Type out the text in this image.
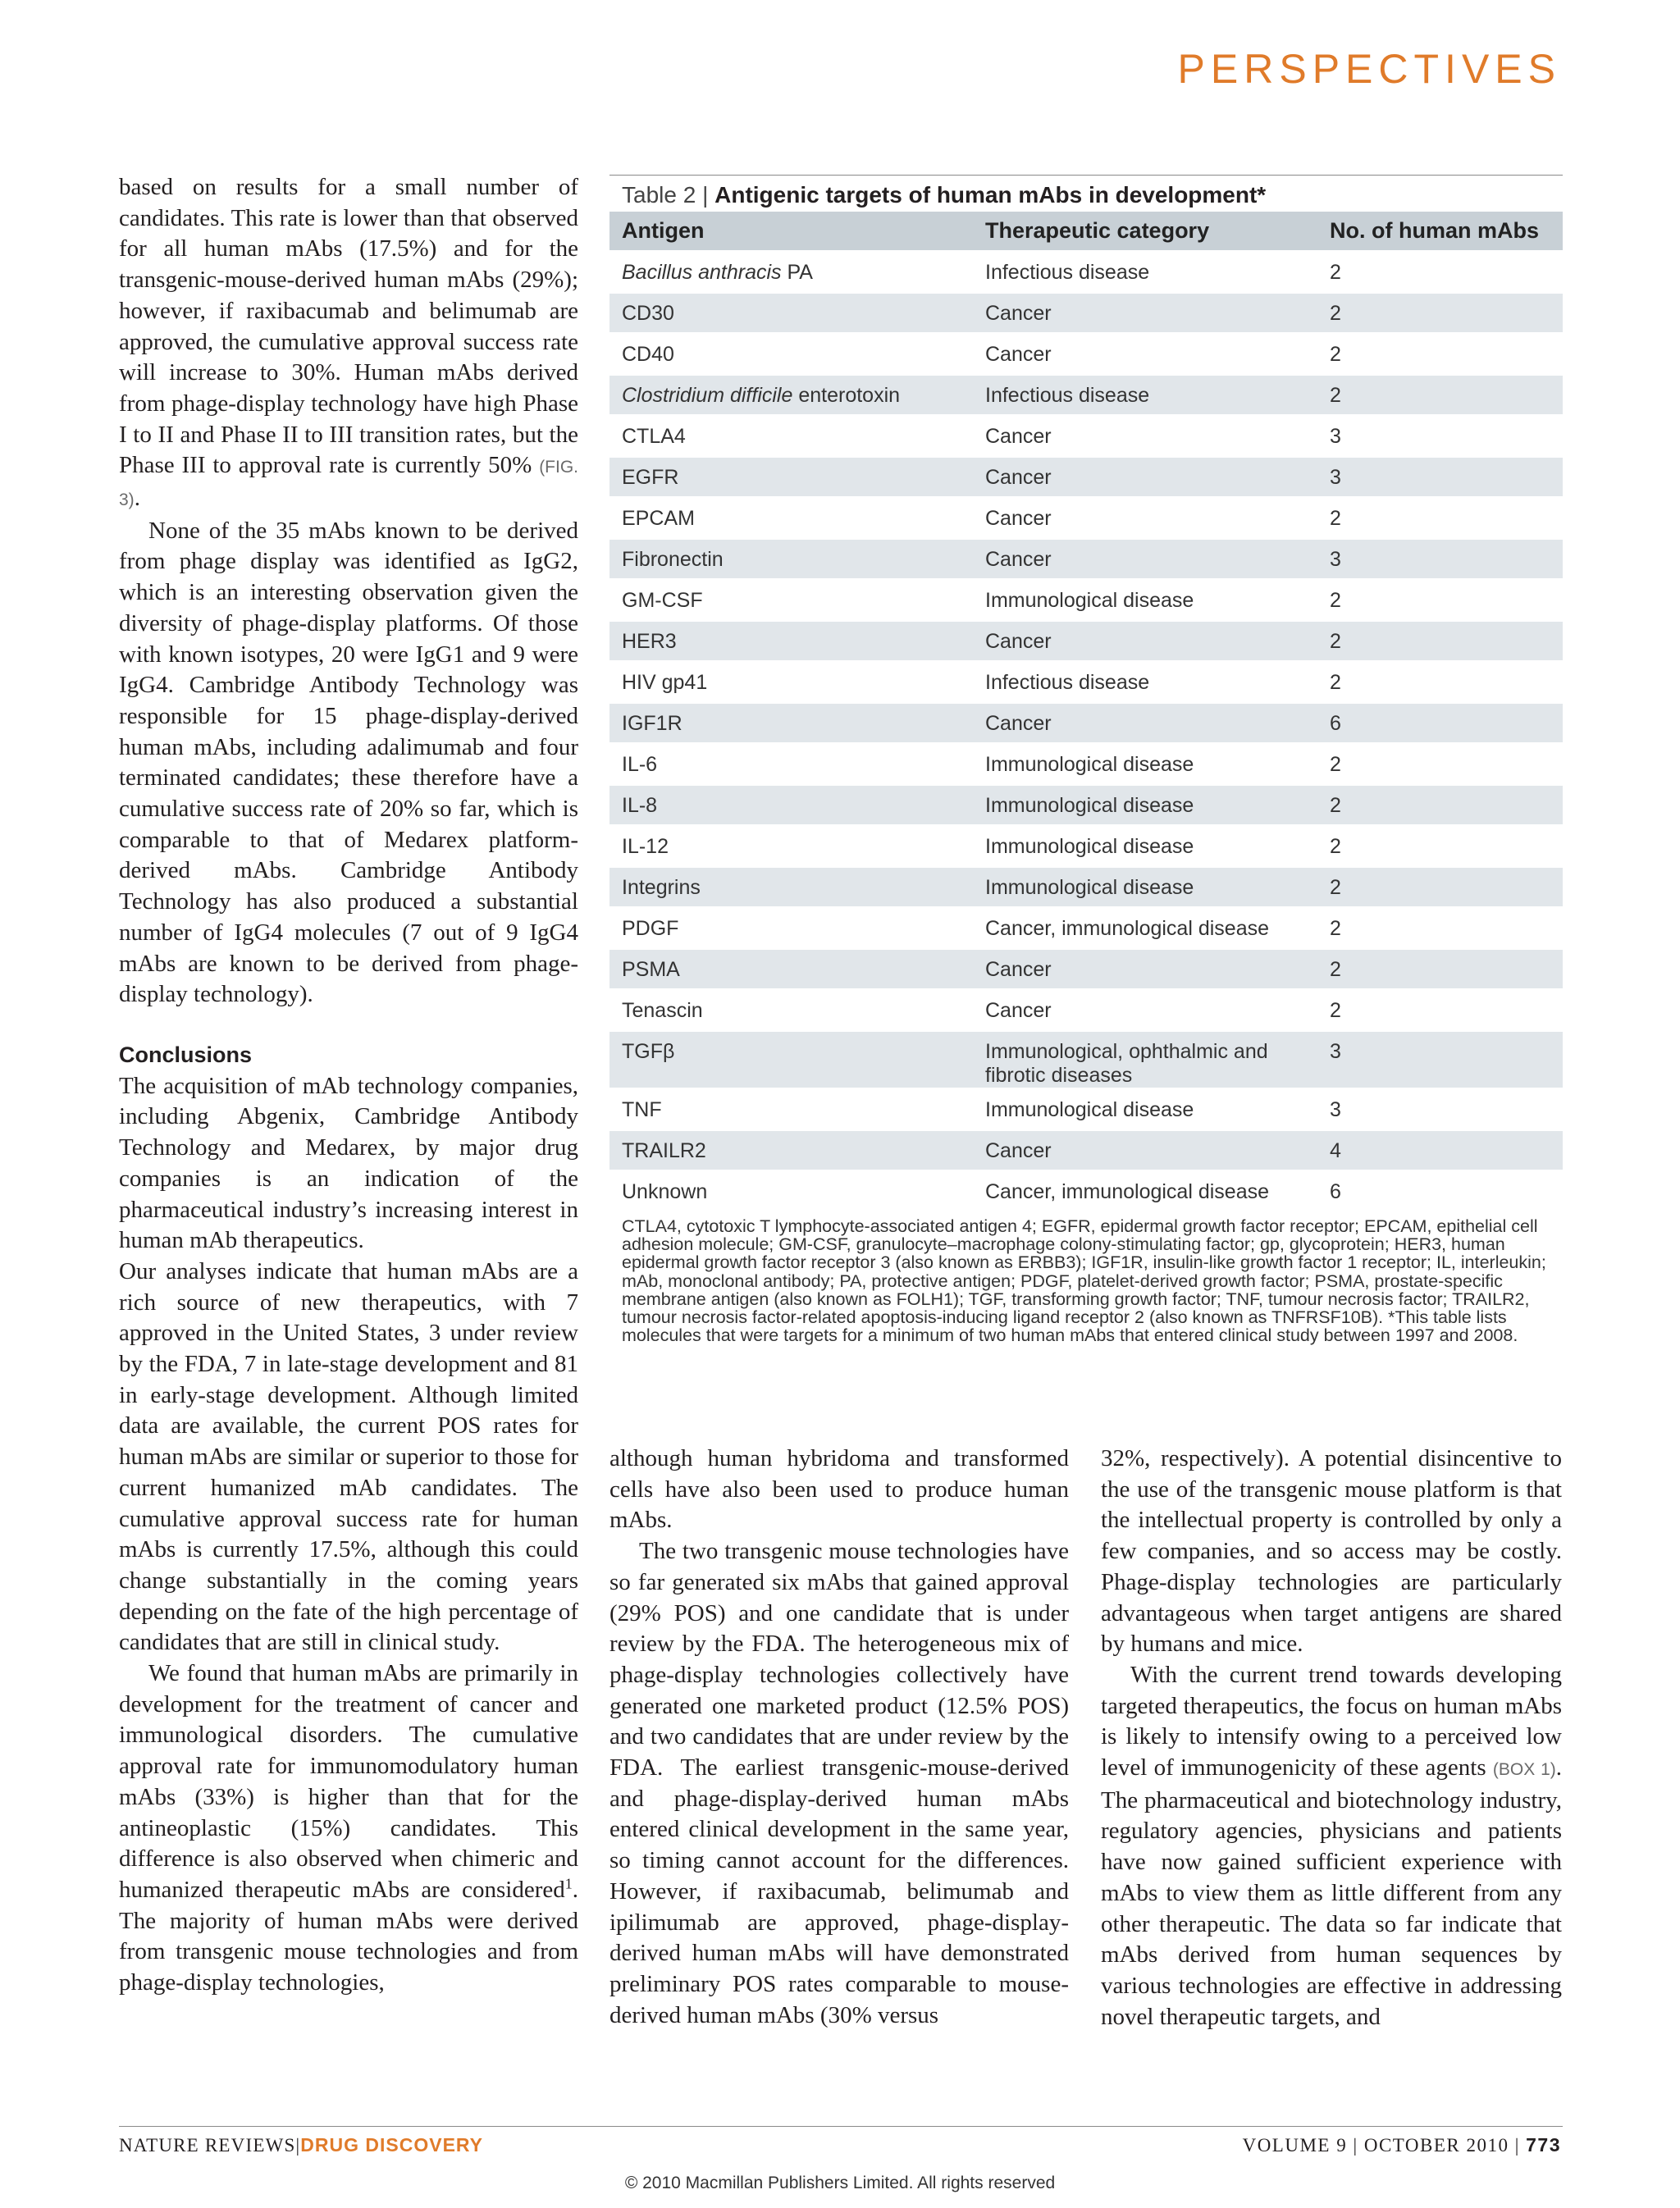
PERSPECTIVES

based on results for a small number of candidates. This rate is lower than that observed for all human mAbs (17.5%) and for the transgenic-mouse-derived human mAbs (29%); however, if raxibacumab and belimumab are approved, the cumulative approval success rate will increase to 30%. Human mAbs derived from phage-display technology have high Phase I to II and Phase II to III transition rates, but the Phase III to approval rate is currently 50% (FIG. 3).

None of the 35 mAbs known to be derived from phage display was identified as IgG2, which is an interesting observation given the diversity of phage-display platforms. Of those with known isotypes, 20 were IgG1 and 9 were IgG4. Cambridge Antibody Technology was responsible for 15 phage-display-derived human mAbs, including adalimumab and four terminated candidates; these therefore have a cumulative success rate of 20% so far, which is comparable to that of Medarex platform-derived mAbs. Cambridge Antibody Technology has also produced a substantial number of IgG4 molecules (7 out of 9 IgG4 mAbs are known to be derived from phage-display technology).

Conclusions

The acquisition of mAb technology companies, including Abgenix, Cambridge Antibody Technology and Medarex, by major drug companies is an indication of the pharmaceutical industry’s increasing interest in human mAb therapeutics.

Our analyses indicate that human mAbs are a rich source of new therapeutics, with 7 approved in the United States, 3 under review by the FDA, 7 in late-stage development and 81 in early-stage development. Although limited data are available, the current POS rates for human mAbs are similar or superior to those for current humanized mAb candidates. The cumulative approval success rate for human mAbs is currently 17.5%, although this could change substantially in the coming years depending on the fate of the high percentage of candidates that are still in clinical study.

We found that human mAbs are primarily in development for the treatment of cancer and immunological disorders. The cumulative approval rate for immunomodulatory human mAbs (33%) is higher than that for the antineoplastic (15%) candidates. This difference is also observed when chimeric and humanized therapeutic mAbs are considered$^1$. The majority of human mAbs were derived from transgenic mouse technologies and from phage-display technologies,

Table 2 | Antigenic targets of human mAbs in development*
Antigen	Therapeutic category	No. of human mAbs
Bacillus anthracis PA	Infectious disease	2
CD30	Cancer	2
CD40	Cancer	2
Clostridium difficile enterotoxin	Infectious disease	2
CTLA4	Cancer	3
EGFR	Cancer	3
EPCAM	Cancer	2
Fibronectin	Cancer	3
GM-CSF	Immunological disease	2
HER3	Cancer	2
HIV gp41	Infectious disease	2
IGF1R	Cancer	6
IL-6	Immunological disease	2
IL-8	Immunological disease	2
IL-12	Immunological disease	2
Integrins	Immunological disease	2
PDGF	Cancer, immunological disease	2
PSMA	Cancer	2
Tenascin	Cancer	2
TGFβ	Immunological, ophthalmic and fibrotic diseases	3
TNF	Immunological disease	3
TRAILR2	Cancer	4
Unknown	Cancer, immunological disease	6
CTLA4, cytotoxic T lymphocyte-associated antigen 4; EGFR, epidermal growth factor receptor; EPCAM, epithelial cell adhesion molecule; GM-CSF, granulocyte–macrophage colony-stimulating factor; gp, glycoprotein; HER3, human epidermal growth factor receptor 3 (also known as ERBB3); IGF1R, insulin-like growth factor 1 receptor; IL, interleukin; mAb, monoclonal antibody; PA, protective antigen; PDGF, platelet-derived growth factor; PSMA, prostate-specific membrane antigen (also known as FOLH1); TGF, transforming growth factor; TNF, tumour necrosis factor; TRAILR2, tumour necrosis factor-related apoptosis-inducing ligand receptor 2 (also known as TNFRSF10B). *This table lists molecules that were targets for a minimum of two human mAbs that entered clinical study between 1997 and 2008.

although human hybridoma and transformed cells have also been used to produce human mAbs.

The two transgenic mouse technologies have so far generated six mAbs that gained approval (29% POS) and one candidate that is under review by the FDA. The heterogeneous mix of phage-display technologies collectively have generated one marketed product (12.5% POS) and two candidates that are under review by the FDA. The earliest transgenic-mouse-derived and phage-display-derived human mAbs entered clinical development in the same year, so timing cannot account for the differences. However, if raxibacumab, belimumab and ipilimumab are approved, phage-display-derived human mAbs will have demonstrated preliminary POS rates comparable to mouse-derived human mAbs (30% versus

32%, respectively). A potential disincentive to the use of the transgenic mouse platform is that the intellectual property is controlled by only a few companies, and so access may be costly. Phage-display technologies are particularly advantageous when target antigens are shared by humans and mice.

With the current trend towards developing targeted therapeutics, the focus on human mAbs is likely to intensify owing to a perceived low level of immunogenicity of these agents (BOX 1). The pharmaceutical and biotechnology industry, regulatory agencies, physicians and patients have now gained sufficient experience with mAbs to view them as little different from any other therapeutic. The data so far indicate that mAbs derived from human sequences by various technologies are effective in addressing novel therapeutic targets, and

NATURE REVIEWS|DRUG DISCOVERY	VOLUME 9 | OCTOBER 2010 | 773
© 2010 Macmillan Publishers Limited. All rights reserved
